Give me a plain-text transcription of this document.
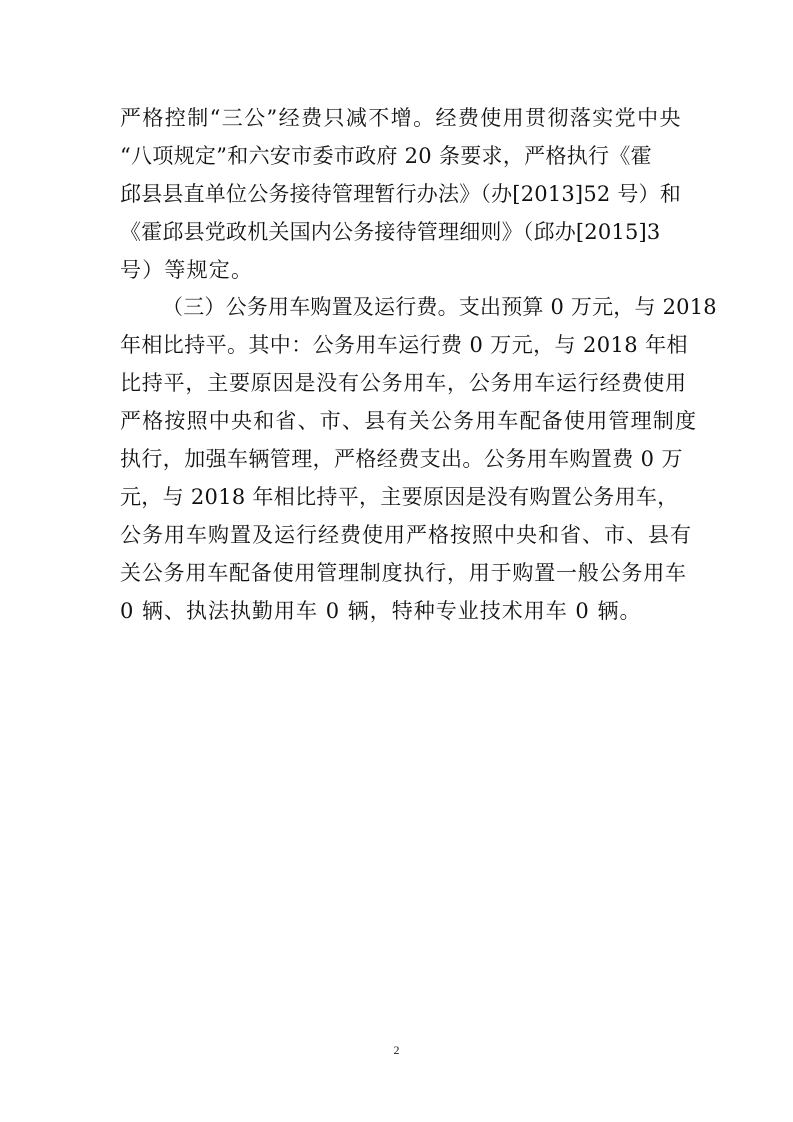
严格控制“三公”经费只减不增。经费使用贯彻落实党中央
“八项规定”和六安市委市政府 20 条要求，严格执行《霍
邱县县直单位公务接待管理暂行办法》（办[2013]52 号）和
《霍邱县党政机关国内公务接待管理细则》（邱办[2015]3
号）等规定。
（三）公务用车购置及运行费。支出预算 0 万元，与 2018
年相比持平。其中：公务用车运行费 0 万元，与 2018 年相
比持平，主要原因是没有公务用车，公务用车运行经费使用
严格按照中央和省、市、县有关公务用车配备使用管理制度
执行，加强车辆管理，严格经费支出。公务用车购置费 0 万
元，与 2018 年相比持平，主要原因是没有购置公务用车，
公务用车购置及运行经费使用严格按照中央和省、市、县有
关公务用车配备使用管理制度执行，用于购置一般公务用车
0 辆、执法执勤用车 0 辆，特种专业技术用车 0 辆。
2
